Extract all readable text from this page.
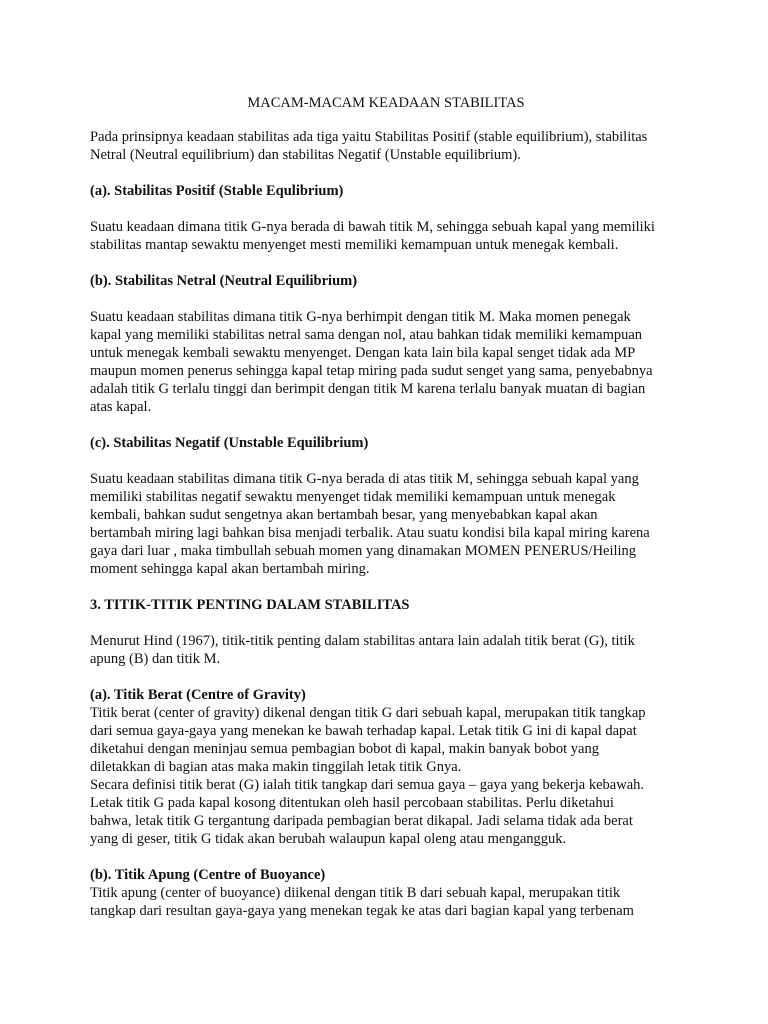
MACAM-MACAM KEADAAN STABILITAS
Pada prinsipnya keadaan stabilitas ada tiga yaitu Stabilitas Positif (stable equilibrium), stabilitas
Netral (Neutral equilibrium) dan stabilitas Negatif (Unstable equilibrium).
(a). Stabilitas Positif (Stable Equlibrium)
Suatu keadaan dimana titik G-nya berada di bawah titik M, sehingga sebuah kapal yang memiliki
stabilitas mantap sewaktu menyenget mesti memiliki kemampuan untuk menegak kembali.
(b). Stabilitas Netral (Neutral Equilibrium)
Suatu keadaan stabilitas dimana titik G-nya berhimpit dengan titik M. Maka momen penegak
kapal yang memiliki stabilitas netral sama dengan nol, atau bahkan tidak memiliki kemampuan
untuk menegak kembali sewaktu menyenget. Dengan kata lain bila kapal senget tidak ada MP
maupun momen penerus sehingga kapal tetap miring pada sudut senget yang sama, penyebabnya
adalah titik G terlalu tinggi dan berimpit dengan titik M karena terlalu banyak muatan di bagian
atas kapal.
(c). Stabilitas Negatif (Unstable Equilibrium)
Suatu keadaan stabilitas dimana titik G-nya berada di atas titik M, sehingga sebuah kapal yang
memiliki stabilitas negatif sewaktu menyenget tidak memiliki kemampuan untuk menegak
kembali, bahkan sudut sengetnya akan bertambah besar, yang menyebabkan kapal akan
bertambah miring lagi bahkan bisa menjadi terbalik. Atau suatu kondisi bila kapal miring karena
gaya dari luar , maka timbullah sebuah momen yang dinamakan MOMEN PENERUS/Heiling
moment sehingga kapal akan bertambah miring.
3. TITIK-TITIK PENTING DALAM STABILITAS
Menurut Hind (1967), titik-titik penting dalam stabilitas antara lain adalah titik berat (G), titik
apung (B) dan titik M.
(a). Titik Berat (Centre of Gravity)
Titik berat (center of gravity) dikenal dengan titik G dari sebuah kapal, merupakan titik tangkap
dari semua gaya-gaya yang menekan ke bawah terhadap kapal. Letak titik G ini di kapal dapat
diketahui dengan meninjau semua pembagian bobot di kapal, makin banyak bobot yang
diletakkan di bagian atas maka makin tinggilah letak titik Gnya.
Secara definisi titik berat (G) ialah titik tangkap dari semua gaya – gaya yang bekerja kebawah.
Letak titik G pada kapal kosong ditentukan oleh hasil percobaan stabilitas. Perlu diketahui
bahwa, letak titik G tergantung daripada pembagian berat dikapal. Jadi selama tidak ada berat
yang di geser, titik G tidak akan berubah walaupun kapal oleng atau mengangguk.
(b). Titik Apung (Centre of Buoyance)
Titik apung (center of buoyance) diikenal dengan titik B dari sebuah kapal, merupakan titik
tangkap dari resultan gaya-gaya yang menekan tegak ke atas dari bagian kapal yang terbenam
